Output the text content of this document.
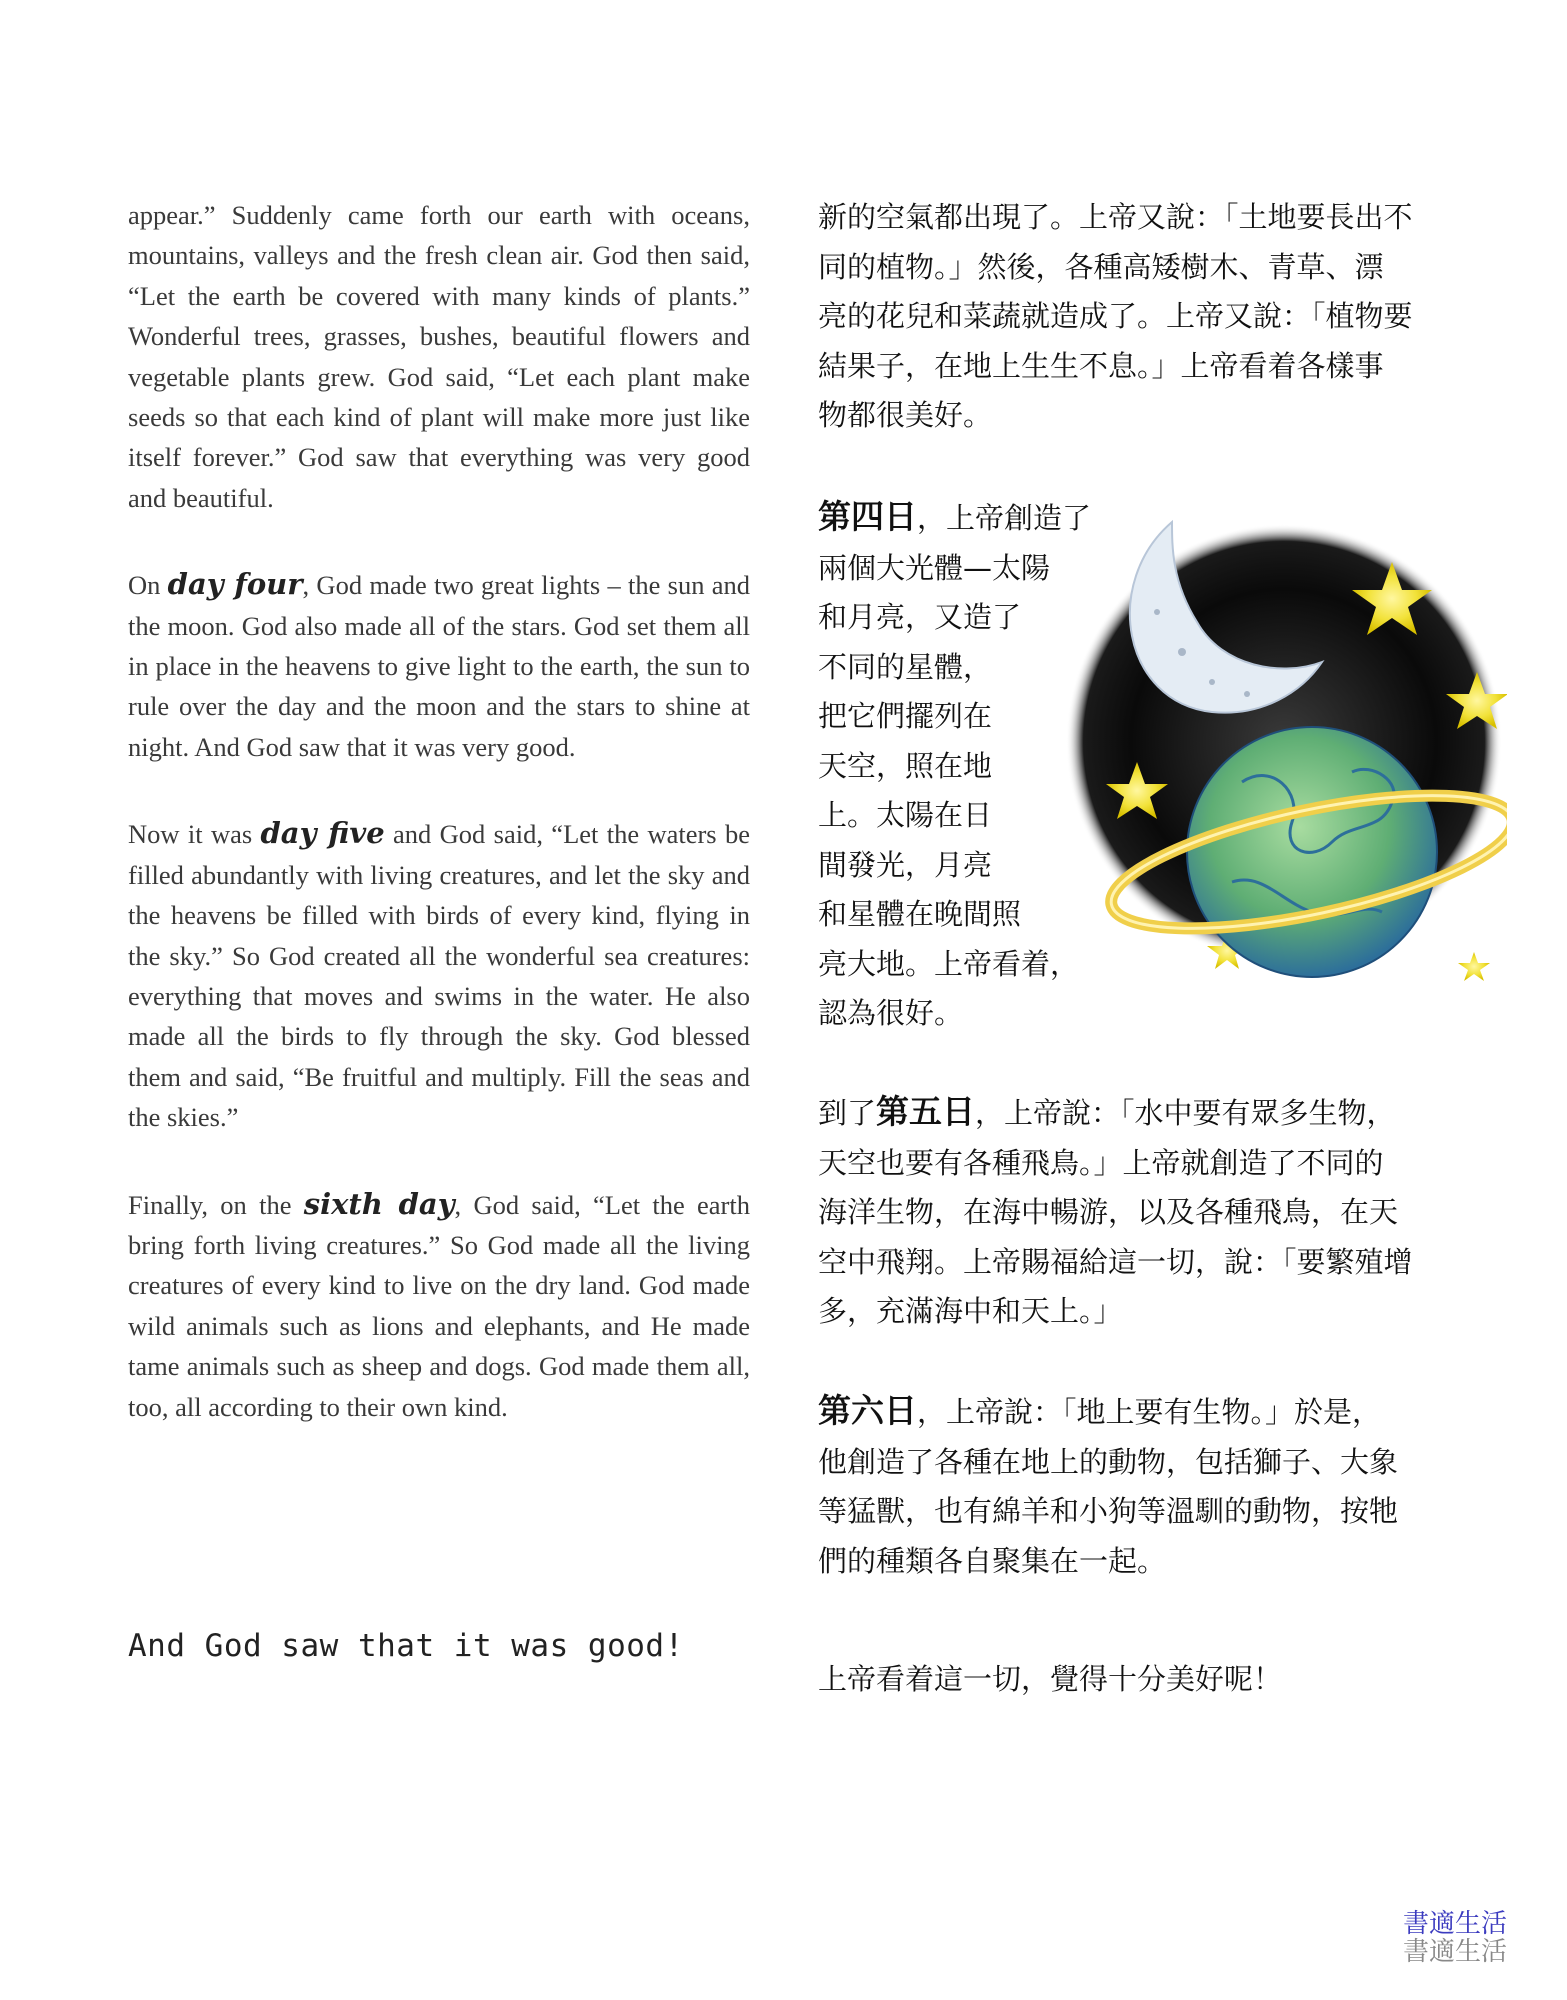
appear.” Suddenly came forth our earth with oceans, mountains, valleys and the fresh clean air. God then said, “Let the earth be covered with many kinds of plants.” Wonderful trees, grasses, bushes, beautiful flowers and vegetable plants grew. God said, “Let each plant make seeds so that each kind of plant will make more just like itself forever.” God saw that everything was very good and beautiful.

On day four, God made two great lights – the sun and the moon. God also made all of the stars. God set them all in place in the heavens to give light to the earth, the sun to rule over the day and the moon and the stars to shine at night. And God saw that it was very good.

Now it was day five and God said, “Let the waters be filled abundantly with living creatures, and let the sky and the heavens be filled with birds of every kind, flying in the sky.” So God created all the wonderful sea creatures: everything that moves and swims in the water. He also made all the birds to fly through the sky. God blessed them and said, “Be fruitful and multiply. Fill the seas and the skies.”

Finally, on the sixth day, God said, “Let the earth bring forth living creatures.” So God made all the living creatures of every kind to live on the dry land. God made wild animals such as lions and elephants, and He made tame animals such as sheep and dogs. God made them all, too, all according to their own kind.

And God saw that it was good!

新的空氣都出現了。上帝又說：「土地要長出不

同的植物。」然後，各種高矮樹木、青草、漂

亮的花兒和菜蔬就造成了。上帝又說：「植物要

結果子，在地上生生不息。」上帝看着各樣事

物都很美好。

第四日，上帝創造了

兩個大光體—太陽

和月亮，又造了

不同的星體，

把它們擺列在

天空，照在地

上。太陽在日

間發光，月亮

和星體在晚間照

亮大地。上帝看着，

認為很好。

到了第五日，上帝說：「水中要有眾多生物，

天空也要有各種飛鳥。」上帝就創造了不同的

海洋生物，在海中暢游，以及各種飛鳥，在天

空中飛翔。上帝賜福給這一切，說：「要繁殖增

多，充滿海中和天上。」

第六日，上帝說：「地上要有生物。」於是，

他創造了各種在地上的動物，包括獅子、大象

等猛獸，也有綿羊和小狗等溫馴的動物，按牠

們的種類各自聚集在一起。

上帝看着這一切，覺得十分美好呢！

書適生活
書適生活
